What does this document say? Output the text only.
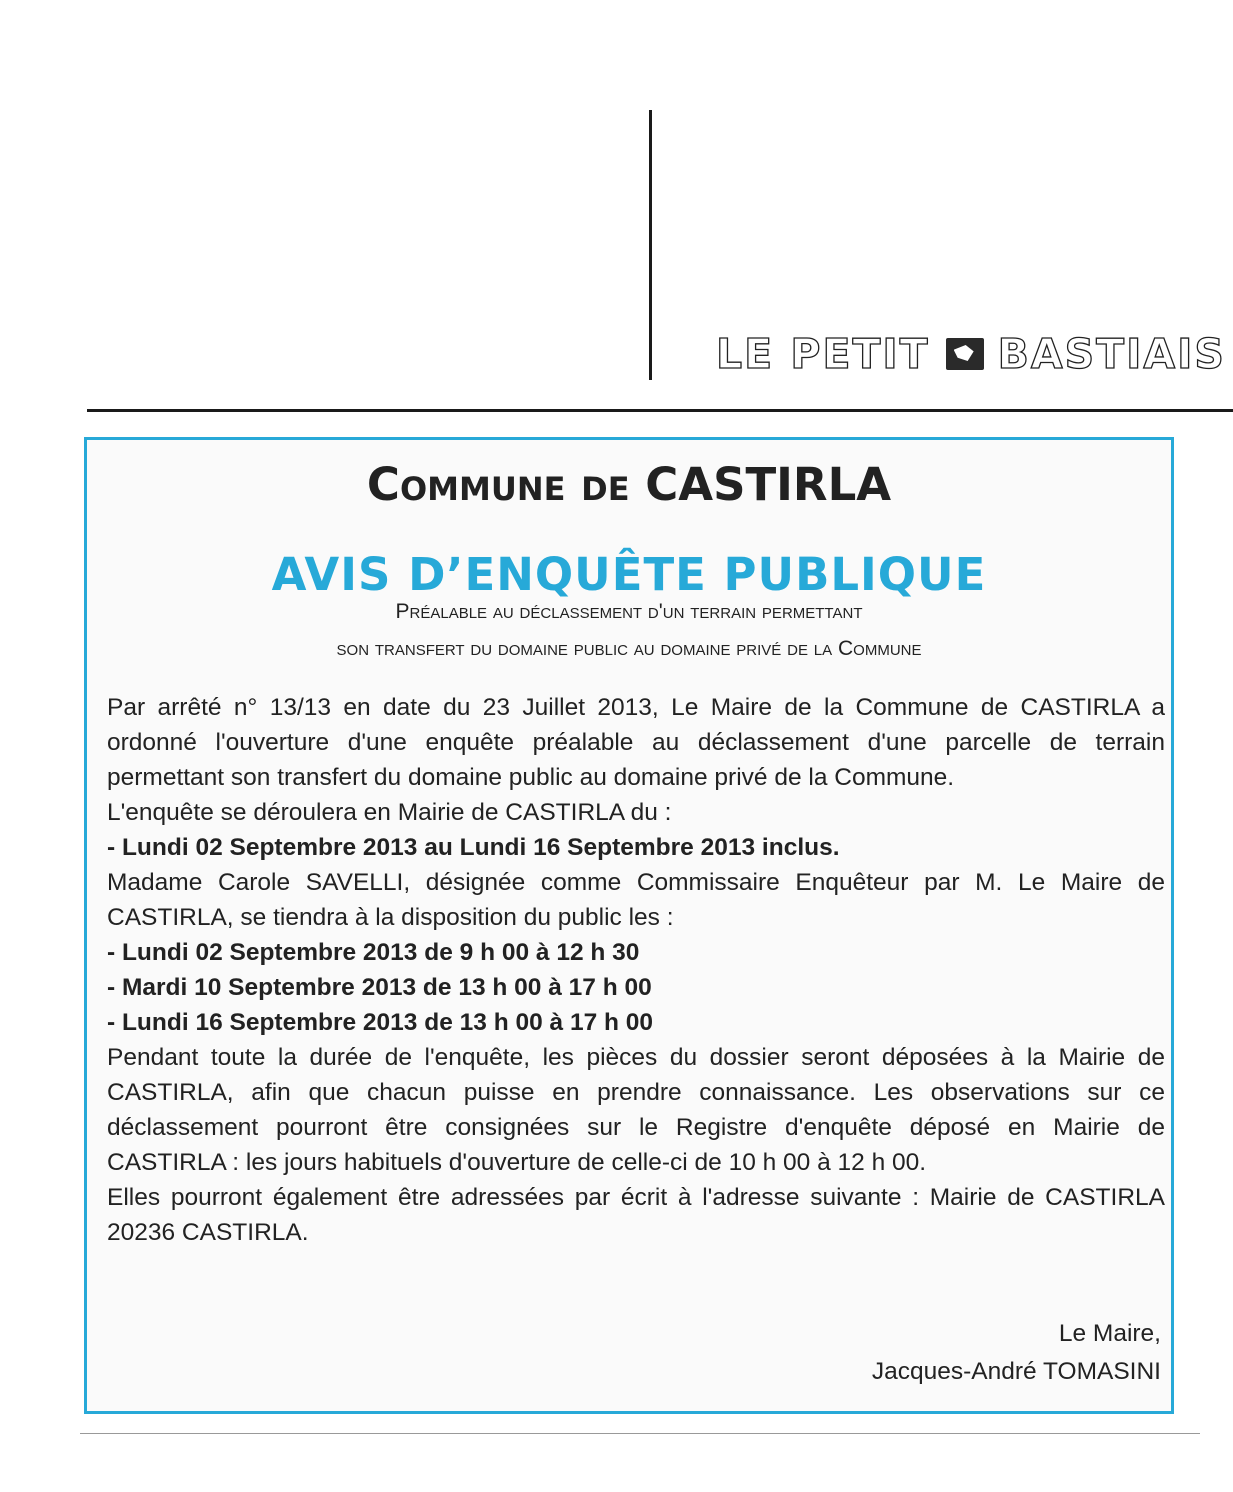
LE PETIT BASTIAIS
Commune de CASTIRLA
AVIS D’ENQUÊTE PUBLIQUE
Préalable au déclassement d'un terrain permettant
son transfert du domaine public au domaine privé de la Commune

Par arrêté n° 13/13 en date du 23 Juillet 2013, Le Maire de la Commune de CASTIRLA a ordonné l'ouverture d'une enquête préalable au déclassement d'une parcelle de terrain permettant son transfert du domaine public au domaine privé de la Commune.

L'enquête se déroulera en Mairie de CASTIRLA du :

- Lundi 02 Septembre 2013 au Lundi 16 Septembre 2013 inclus.

Madame Carole SAVELLI, désignée comme Commissaire Enquêteur par M. Le Maire de CASTIRLA, se tiendra à la disposition du public les :

- Lundi 02 Septembre 2013 de 9 h 00 à 12 h 30

- Mardi 10 Septembre 2013 de 13 h 00 à 17 h 00

- Lundi 16 Septembre 2013 de 13 h 00 à 17 h 00

Pendant toute la durée de l'enquête, les pièces du dossier seront déposées à la Mairie de CASTIRLA, afin que chacun puisse en prendre connaissance. Les observations sur ce déclassement pourront être consignées sur le Registre d'enquête déposé en Mairie de CASTIRLA : les jours habituels d'ouverture de celle-ci de 10 h 00 à 12 h 00.

Elles pourront également être adressées par écrit à l'adresse suivante : Mairie de CASTIRLA 20236 CASTIRLA.

Le Maire,
Jacques-André TOMASINI
